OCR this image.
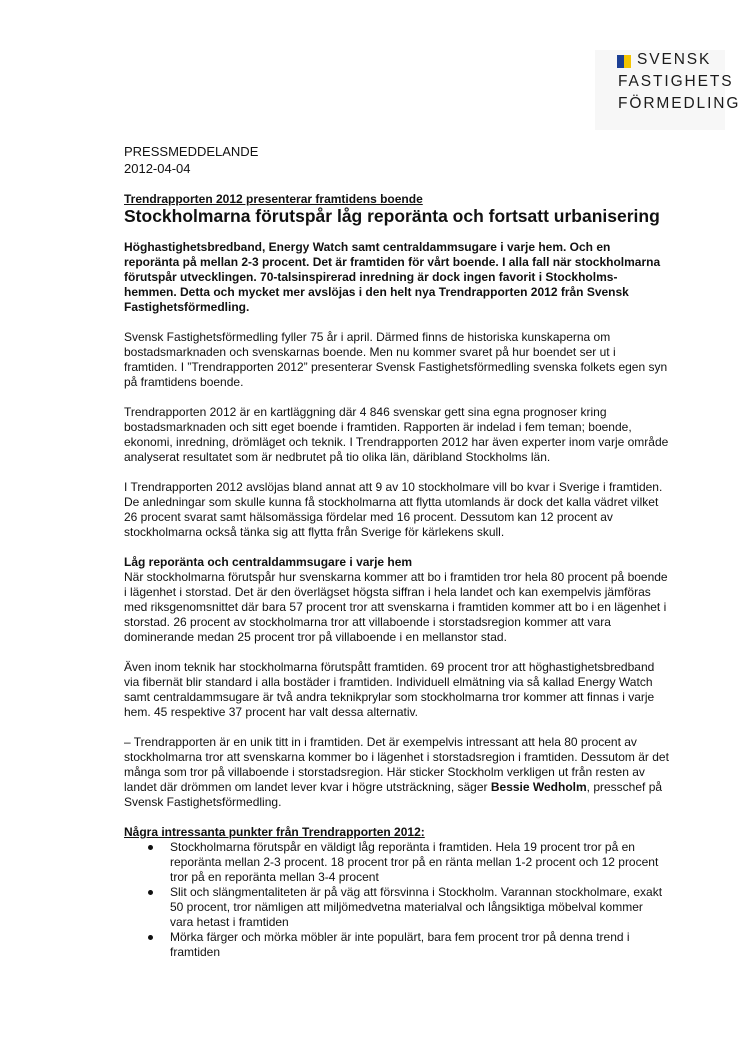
SVENSK
FASTIGHETS
FÖRMEDLING
PRESSMEDDELANDE
2012-04-04
Trendrapporten 2012 presenterar framtidens boende
Stockholmarna förutspår låg reporänta och fortsatt urbanisering
Höghastighetsbredband, Energy Watch samt centraldammsugare i varje hem. Och en reporänta på mellan 2-3 procent. Det är framtiden för vårt boende. I alla fall när stockholmarna förutspår utvecklingen. 70-talsinspirerad inredning är dock ingen favorit i Stockholms-hemmen. Detta och mycket mer avslöjas i den helt nya Trendrapporten 2012 från Svensk Fastighetsförmedling.

Svensk Fastighetsförmedling fyller 75 år i april. Därmed finns de historiska kunskaperna om bostadsmarknaden och svenskarnas boende. Men nu kommer svaret på hur boendet ser ut i framtiden. I ”Trendrapporten 2012” presenterar Svensk Fastighetsförmedling svenska folkets egen syn på framtidens boende.

Trendrapporten 2012 är en kartläggning där 4 846 svenskar gett sina egna prognoser kring bostadsmarknaden och sitt eget boende i framtiden. Rapporten är indelad i fem teman; boende, ekonomi, inredning, drömläget och teknik. I Trendrapporten 2012 har även experter inom varje område analyserat resultatet som är nedbrutet på tio olika län, däribland Stockholms län.

I Trendrapporten 2012 avslöjas bland annat att 9 av 10 stockholmare vill bo kvar i Sverige i framtiden. De anledningar som skulle kunna få stockholmarna att flytta utomlands är dock det kalla vädret vilket 26 procent svarat samt hälsomässiga fördelar med 16 procent. Dessutom kan 12 procent av stockholmarna också tänka sig att flytta från Sverige för kärlekens skull.

Låg reporänta och centraldammsugare i varje hem

När stockholmarna förutspår hur svenskarna kommer att bo i framtiden tror hela 80 procent på boende i lägenhet i storstad. Det är den överlägset högsta siffran i hela landet och kan exempelvis jämföras med riksgenomsnittet där bara 57 procent tror att svenskarna i framtiden kommer att bo i en lägenhet i storstad. 26 procent av stockholmarna tror att villaboende i storstadsregion kommer att vara dominerande medan 25 procent tror på villaboende i en mellanstor stad.

Även inom teknik har stockholmarna förutspått framtiden. 69 procent tror att höghastighetsbredband via fibernät blir standard i alla bostäder i framtiden. Individuell elmätning via så kallad Energy Watch samt centraldammsugare är två andra teknikprylar som stockholmarna tror kommer att finnas i varje hem. 45 respektive 37 procent har valt dessa alternativ.

– Trendrapporten är en unik titt in i framtiden. Det är exempelvis intressant att hela 80 procent av stockholmarna tror att svenskarna kommer bo i lägenhet i storstadsregion i framtiden. Dessutom är det många som tror på villaboende i storstadsregion. Här sticker Stockholm verkligen ut från resten av landet där drömmen om landet lever kvar i högre utsträckning, säger Bessie Wedholm, presschef på Svensk Fastighetsförmedling.

Några intressanta punkter från Trendrapporten 2012:
Stockholmarna förutspår en väldigt låg reporänta i framtiden. Hela 19 procent tror på en reporänta mellan 2-3 procent. 18 procent tror på en ränta mellan 1-2 procent och 12 procent tror på en reporänta mellan 3-4 procent
Slit och slängmentaliteten är på väg att försvinna i Stockholm. Varannan stockholmare, exakt 50 procent, tror nämligen att miljömedvetna materialval och långsiktiga möbelval kommer vara hetast i framtiden
Mörka färger och mörka möbler är inte populärt, bara fem procent tror på denna trend i framtiden
